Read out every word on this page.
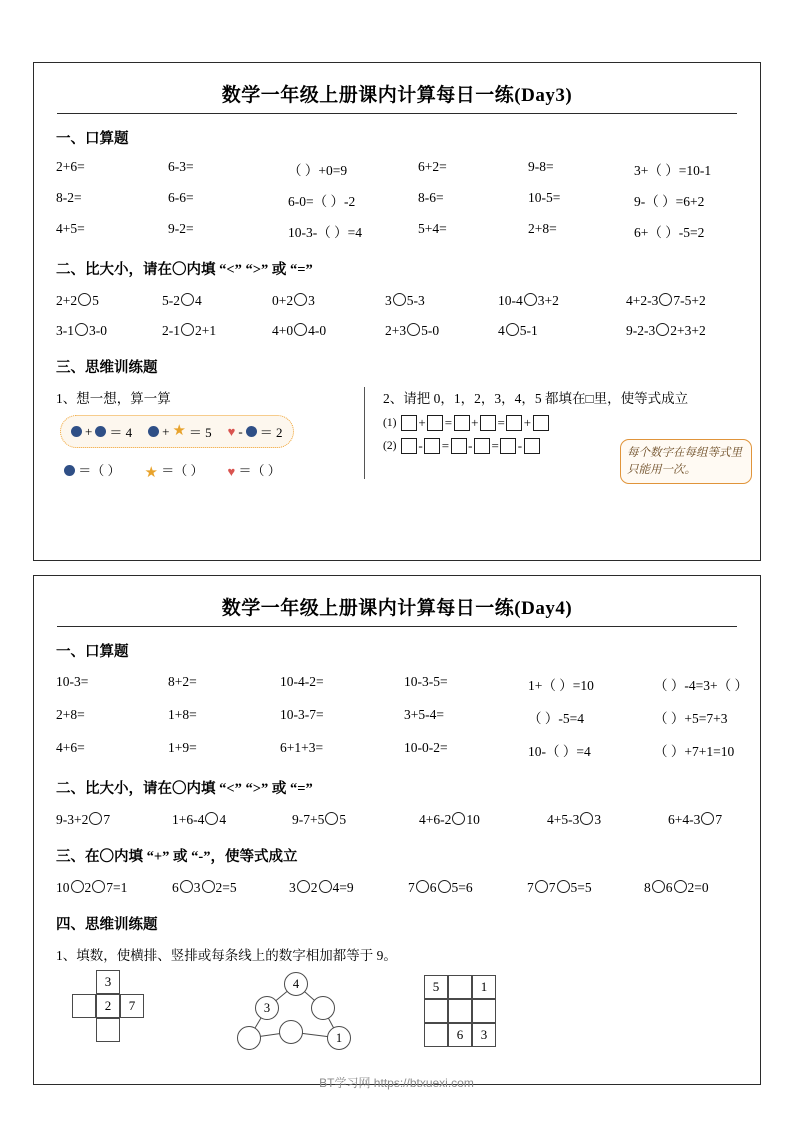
数学一年级上册课内计算每日一练(Day3)
一、口算题
2+6=	6-3=	（ ）+0=9	6+2=	9-8=	3+（ ）=10-1
8-2=	6-6=	6-0=（ ）-2	8-6=	10-5=	9-（ ）=6+2
4+5=	9-2=	10-3-（ ）=4	5+4=	2+8=	6+（ ）-5=2
二、比大小，请在〇内填 “<” “>” 或 “=”
2+2 5	5-2 4	0+2 3	3 5-3	10-4 3+2	4+2-3 7-5+2
3-1 3-0	2-1 2+1	4+0 4-0	2+3 5-0	4 5-1	9-2-3 2+3+2
三、思维训练题
1、想一想，算一算
+ ＝ 4 + ★ ＝ 5 ♥ - ＝ 2
＝（ ） ★ ＝（ ） ♥ ＝（ ）
2、请把 0，1，2，3，4，5 都填在□里，使等式成立
(1) + = + = +
(2) - = - = -	每个数字在每组等式里只能用一次。
数学一年级上册课内计算每日一练(Day4)
一、口算题
10-3=	8+2=	10-4-2=	10-3-5=	1+（ ）=10	（ ）-4=3+（ ）
2+8=	1+8=	10-3-7=	3+5-4=	（ ）-5=4	（ ）+5=7+3
4+6=	1+9=	6+1+3=	10-0-2=	10-（ ）=4	（ ）+7+1=10
二、比大小，请在〇内填 “<” “>” 或 “=”
9-3+2 7	1+6-4 4	9-7+5 5	4+6-2 10	4+5-3 3	6+4-3 7
三、在〇内填 “+” 或 “-”，使等式成立
10 2 7=1	6 3 2=5	3 2 4=9	7 6 5=6	7 7 5=5	8 6 2=0
四、思维训练题
1、填数，使横排、竖排或每条线上的数字相加都等于 9。
3
2	7
4
3
1
5	1
6	3
BT学习网 https://btxuexi.com
